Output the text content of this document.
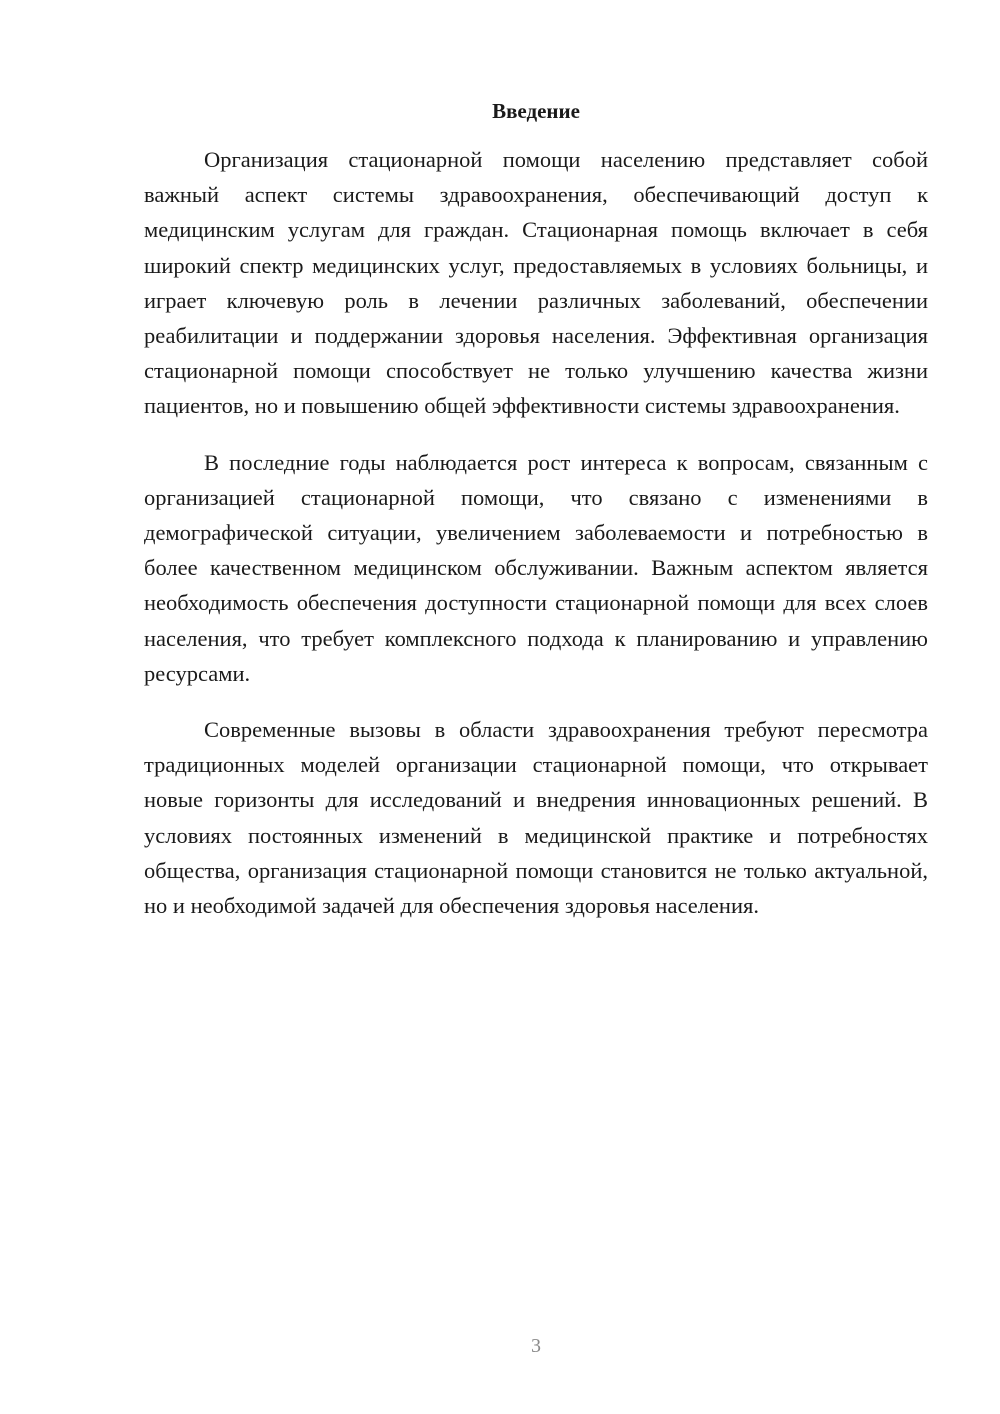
Введение

Организация стационарной помощи населению представляет собой важный аспект системы здравоохранения, обеспечивающий доступ к медицинским услугам для граждан. Стационарная помощь включает в себя широкий спектр медицинских услуг, предоставляемых в условиях больницы, и играет ключевую роль в лечении различных заболеваний, обеспечении реабилитации и поддержании здоровья населения. Эффективная организация стационарной помощи способствует не только улучшению качества жизни пациентов, но и повышению общей эффективности системы здравоохранения.

В последние годы наблюдается рост интереса к вопросам, связанным с организацией стационарной помощи, что связано с изменениями в демографической ситуации, увеличением заболеваемости и потребностью в более качественном медицинском обслуживании. Важным аспектом является необходимость обеспечения доступности стационарной помощи для всех слоев населения, что требует комплексного подхода к планированию и управлению ресурсами.

Современные вызовы в области здравоохранения требуют пересмотра традиционных моделей организации стационарной помощи, что открывает новые горизонты для исследований и внедрения инновационных решений. В условиях постоянных изменений в медицинской практике и потребностях общества, организация стационарной помощи становится не только актуальной, но и необходимой задачей для обеспечения здоровья населения.

3
